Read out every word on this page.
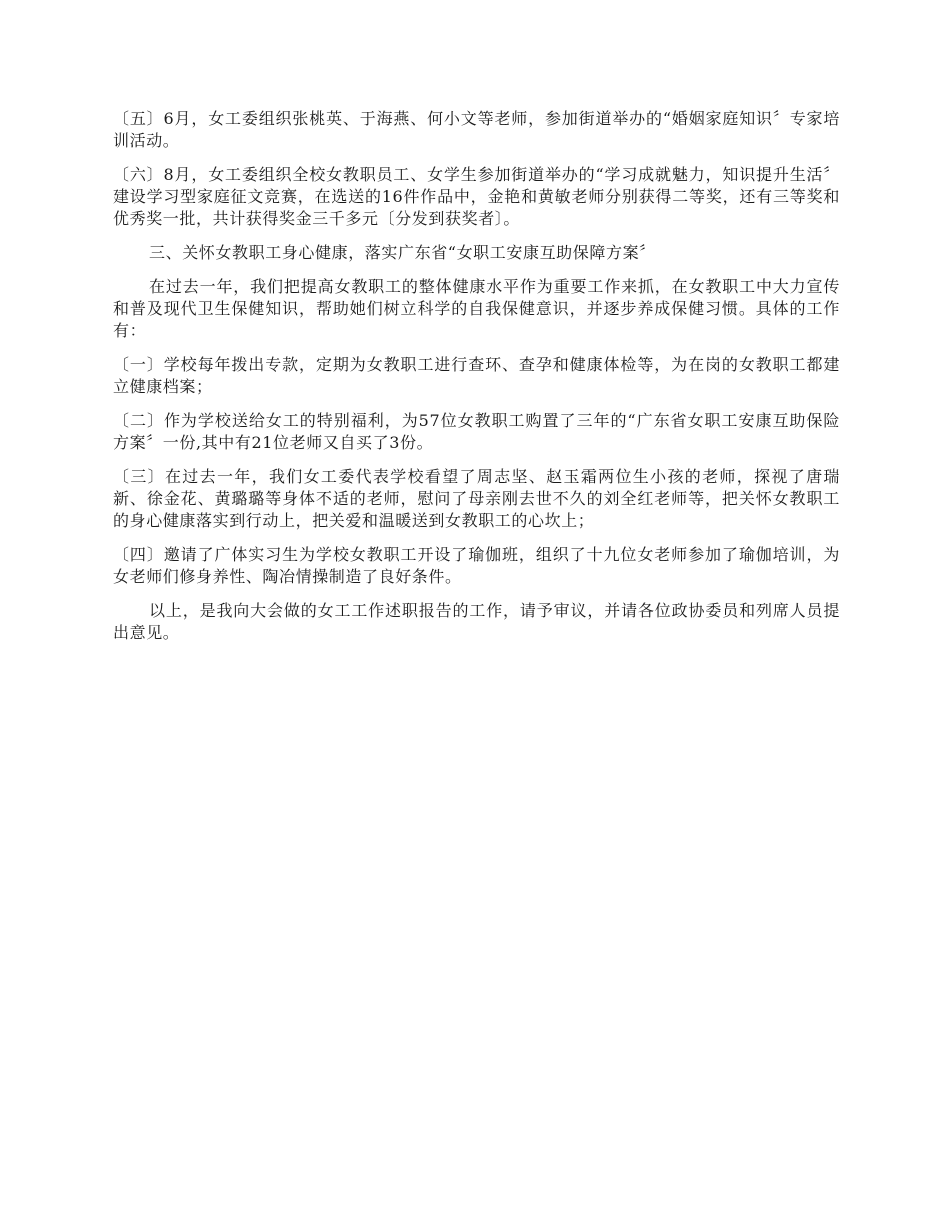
〔五〕6月，女工委组织张桃英、于海燕、何小文等老师，参加街道举办的“婚姻家庭知识〞专家培训活动。

〔六〕8月，女工委组织全校女教职员工、女学生参加街道举办的“学习成就魅力，知识提升生活〞建设学习型家庭征文竞赛，在选送的16件作品中，金艳和黄敏老师分别获得二等奖，还有三等奖和优秀奖一批，共计获得奖金三千多元〔分发到获奖者〕。

三、关怀女教职工身心健康，落实广东省“女职工安康互助保障方案〞

在过去一年，我们把提高女教职工的整体健康水平作为重要工作来抓，在女教职工中大力宣传和普及现代卫生保健知识，帮助她们树立科学的自我保健意识，并逐步养成保健习惯。具体的工作有：

〔一〕学校每年拨出专款，定期为女教职工进行查环、查孕和健康体检等，为在岗的女教职工都建立健康档案；

〔二〕作为学校送给女工的特别福利，为57位女教职工购置了三年的“广东省女职工安康互助保险方案〞一份,其中有21位老师又自买了3份。

〔三〕在过去一年，我们女工委代表学校看望了周志坚、赵玉霜两位生小孩的老师，探视了唐瑞新、徐金花、黄璐璐等身体不适的老师，慰问了母亲刚去世不久的刘全红老师等，把关怀女教职工的身心健康落实到行动上，把关爱和温暖送到女教职工的心坎上；

〔四〕邀请了广体实习生为学校女教职工开设了瑜伽班，组织了十九位女老师参加了瑜伽培训，为女老师们修身养性、陶冶情操制造了良好条件。

以上，是我向大会做的女工工作述职报告的工作，请予审议，并请各位政协委员和列席人员提出意见。
